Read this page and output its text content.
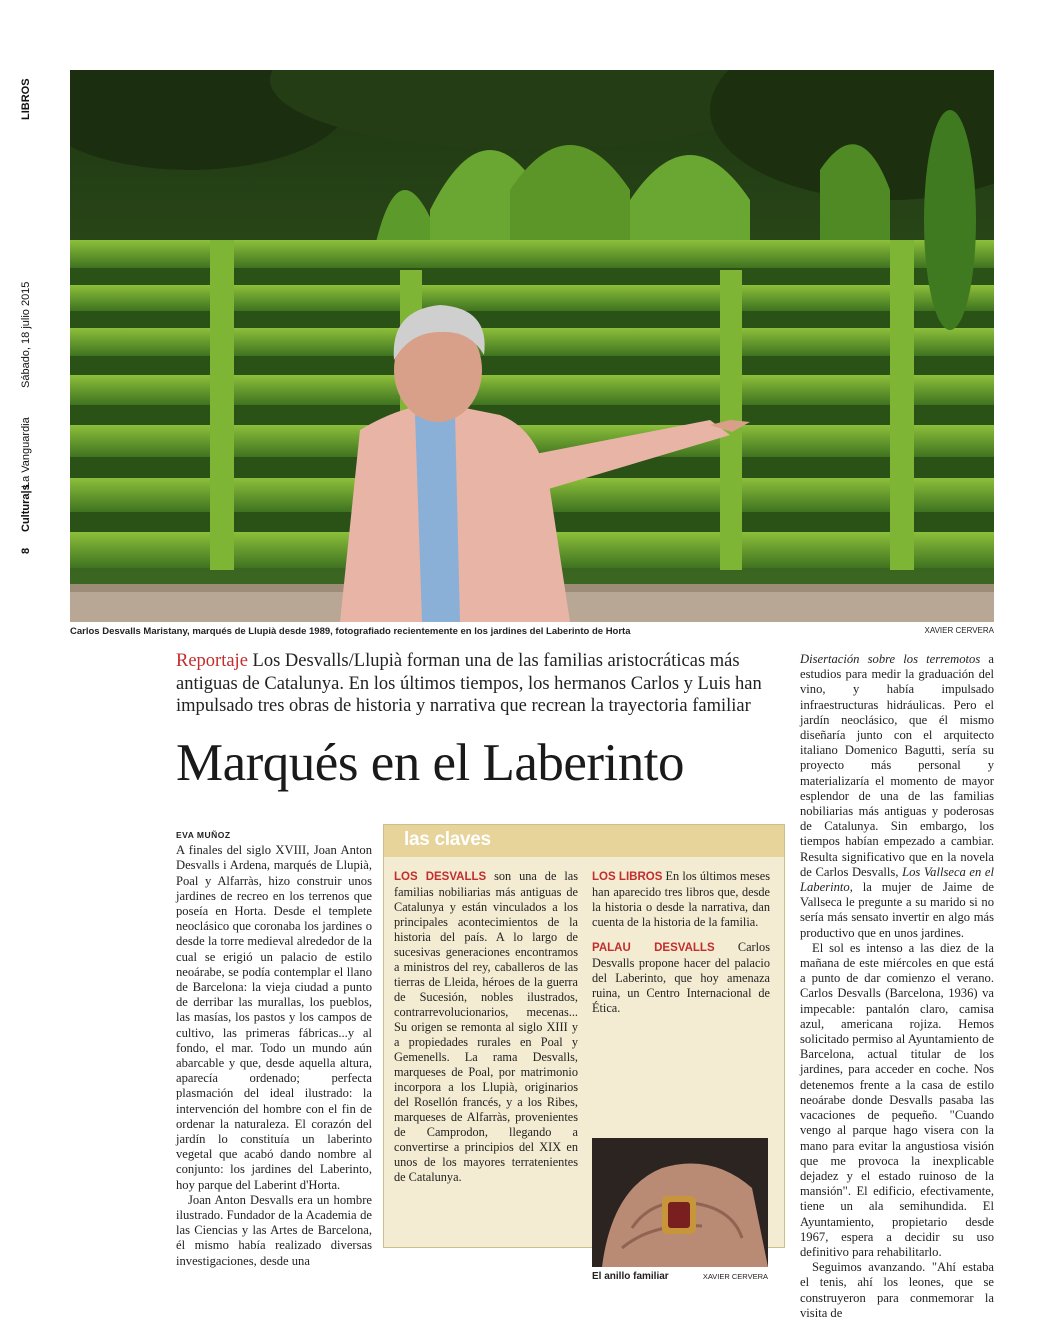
LIBROS
Sábado, 18 julio 2015
La Vanguardia
Cultura|s
8
Carlos Desvalls Maristany, marqués de Llupià desde 1989, fotografiado recientemente en los jardines del Laberinto de Horta	XAVIER CERVERA
Reportaje Los Desvalls/Llupià forman una de las familias aristocráticas más antiguas de Catalunya. En los últimos tiempos, los hermanos Carlos y Luis han impulsado tres obras de historia y narrativa que recrean la trayectoria familiar
Marqués en el Laberinto
EVA MUÑOZ

A finales del siglo XVIII, Joan Anton Desvalls i Ardena, marqués de Llupià, Poal y Alfarràs, hizo construir unos jardines de recreo en los terrenos que poseía en Horta. Desde el templete neoclásico que coronaba los jardines o desde la torre medieval alrededor de la cual se erigió un palacio de estilo neoárabe, se podía contemplar el llano de Barcelona: la vieja ciudad a punto de derribar las murallas, los pueblos, las masías, los pastos y los campos de cultivo, las primeras fábricas...y al fondo, el mar. Todo un mundo aún abarcable y que, desde aquella altura, aparecía ordenado; perfecta plasmación del ideal ilustrado: la intervención del hombre con el fin de ordenar la naturaleza. El corazón del jardín lo constituía un laberinto vegetal que acabó dando nombre al conjunto: los jardines del Laberinto, hoy parque del Laberint d'Horta.

Joan Anton Desvalls era un hombre ilustrado. Fundador de la Academia de las Ciencias y las Artes de Barcelona, él mismo había realizado diversas investigaciones, desde una

las claves

LOS DESVALLS son una de las familias nobiliarias más antiguas de Catalunya y están vinculados a los principales acontecimientos de la historia del país. A lo largo de sucesivas generaciones encontramos a ministros del rey, caballeros de las tierras de Lleida, héroes de la guerra de Sucesión, nobles ilustrados, contrarrevolucionarios, mecenas... Su origen se remonta al siglo XIII y a propiedades rurales en Poal y Gemenells. La rama Desvalls, marqueses de Poal, por matrimonio incorpora a los Llupià, originarios del Rosellón francés, y a los Ribes, marqueses de Alfarràs, provenientes de Camprodon, llegando a convertirse a principios del XIX en unos de los mayores terratenientes de Catalunya.

LOS LIBROS En los últimos meses han aparecido tres libros que, desde la historia o desde la narrativa, dan cuenta de la historia de la familia.

PALAU DESVALLS Carlos Desvalls propone hacer del palacio del Laberinto, que hoy amenaza ruina, un Centro Internacional de Ética.

El anillo familiar	XAVIER CERVERA

Disertación sobre los terremotos a estudios para medir la graduación del vino, y había impulsado infraestructuras hidráulicas. Pero el jardín neoclásico, que él mismo diseñaría junto con el arquitecto italiano Domenico Bagutti, sería su proyecto más personal y materializaría el momento de mayor esplendor de una de las familias nobiliarias más antiguas y poderosas de Catalunya. Sin embargo, los tiempos habían empezado a cambiar. Resulta significativo que en la novela de Carlos Desvalls, Los Vallseca en el Laberinto, la mujer de Jaime de Vallseca le pregunte a su marido si no sería más sensato invertir en algo más productivo que en unos jardines.

El sol es intenso a las diez de la mañana de este miércoles en que está a punto de dar comienzo el verano. Carlos Desvalls (Barcelona, 1936) va impecable: pantalón claro, camisa azul, americana rojiza. Hemos solicitado permiso al Ayuntamiento de Barcelona, actual titular de los jardines, para acceder en coche. Nos detenemos frente a la casa de estilo neoárabe donde Desvalls pasaba las vacaciones de pequeño. "Cuando vengo al parque hago visera con la mano para evitar la angustiosa visión que me provoca la inexplicable dejadez y el estado ruinoso de la mansión". El edificio, efectivamente, tiene un ala semihundida. El Ayuntamiento, propietario desde 1967, espera a decidir su uso definitivo para rehabilitarlo.

Seguimos avanzando. "Ahí estaba el tenis, ahí los leones, que se construyeron para conmemorar la visita de
